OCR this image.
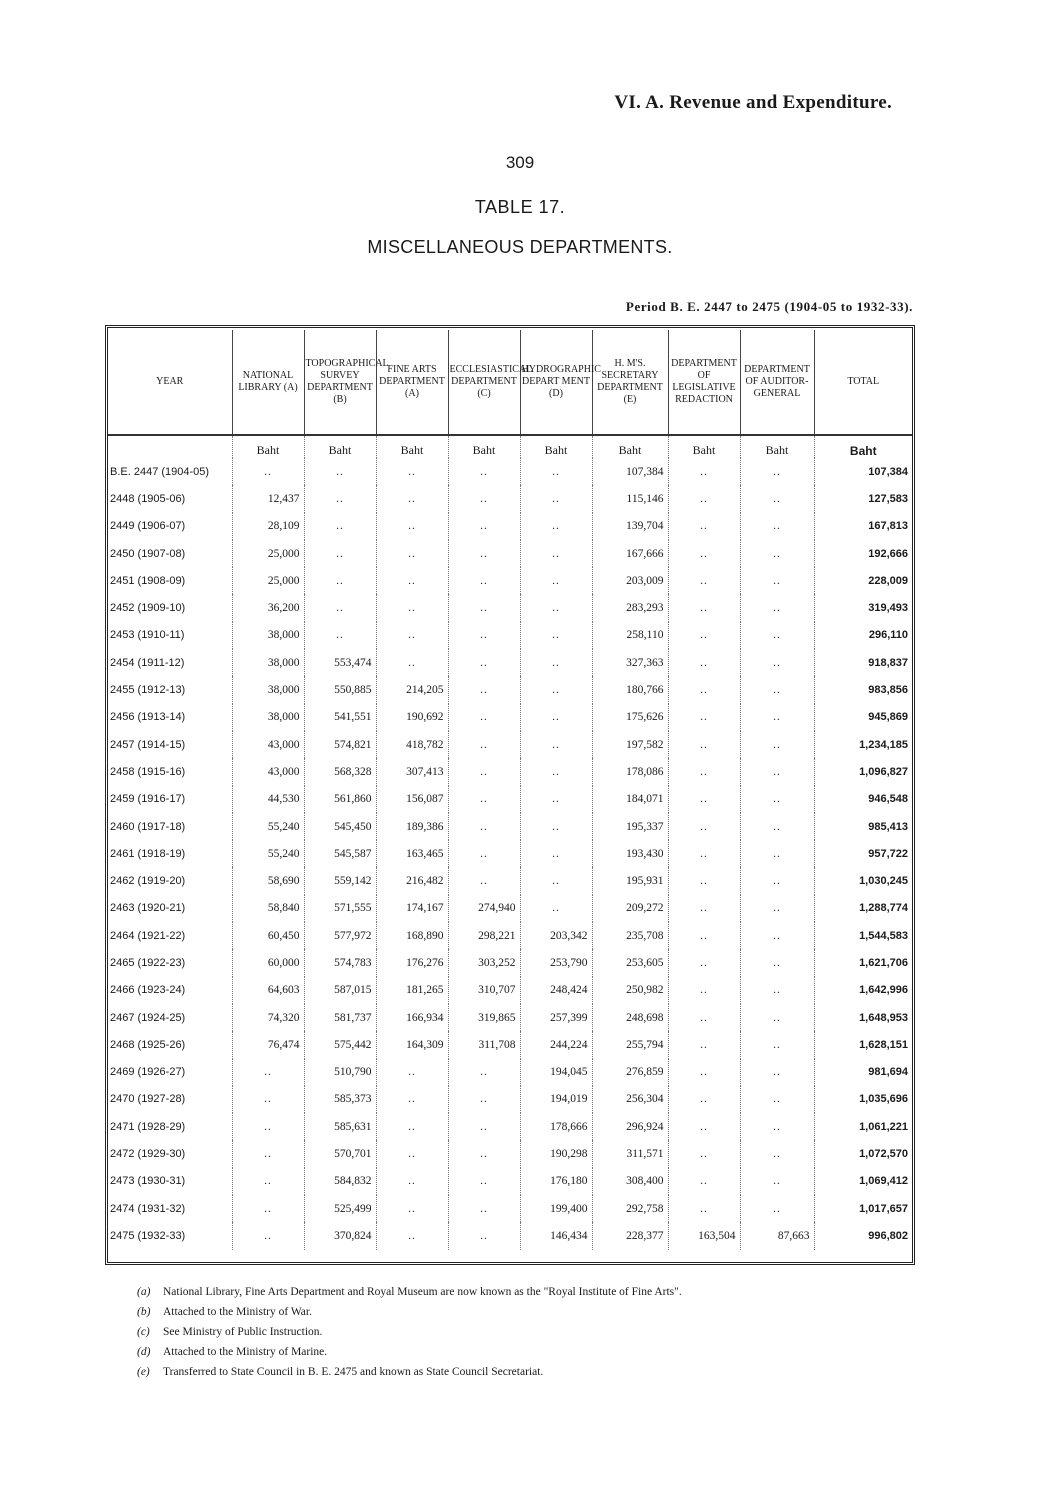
VI. A. Revenue and Expenditure.
309
TABLE 17.
MISCELLANEOUS DEPARTMENTS.
Period B. E. 2447 to 2475 (1904-05 to 1932-33).
YEAR	NATIONAL LIBRARY (A)	TOPOGRAPHICAL SURVEY DEPARTMENT (B)	FINE ARTS DEPARTMENT (A)	ECCLESIASTICAL DEPARTMENT (C)	HYDROGRAPHIC DEPART MENT (D)	H. M'S. SECRETARY DEPARTMENT (E)	DEPARTMENT OF LEGISLATIVE REDACTION	DEPARTMENT OF AUDITOR-GENERAL	TOTAL
	Baht	Baht	Baht	Baht	Baht	Baht	Baht	Baht	Baht
B.E. 2447 (1904-05)	..	..	..	..	..	107,384	..	..	107,384
2448 (1905-06)	12,437	..	..	..	..	115,146	..	..	127,583
2449 (1906-07)	28,109	..	..	..	..	139,704	..	..	167,813
2450 (1907-08)	25,000	..	..	..	..	167,666	..	..	192,666
2451 (1908-09)	25,000	..	..	..	..	203,009	..	..	228,009
2452 (1909-10)	36,200	..	..	..	..	283,293	..	..	319,493
2453 (1910-11)	38,000	..	..	..	..	258,110	..	..	296,110
2454 (1911-12)	38,000	553,474	..	..	..	327,363	..	..	918,837
2455 (1912-13)	38,000	550,885	214,205	..	..	180,766	..	..	983,856
2456 (1913-14)	38,000	541,551	190,692	..	..	175,626	..	..	945,869
2457 (1914-15)	43,000	574,821	418,782	..	..	197,582	..	..	1,234,185
2458 (1915-16)	43,000	568,328	307,413	..	..	178,086	..	..	1,096,827
2459 (1916-17)	44,530	561,860	156,087	..	..	184,071	..	..	946,548
2460 (1917-18)	55,240	545,450	189,386	..	..	195,337	..	..	985,413
2461 (1918-19)	55,240	545,587	163,465	..	..	193,430	..	..	957,722
2462 (1919-20)	58,690	559,142	216,482	..	..	195,931	..	..	1,030,245
2463 (1920-21)	58,840	571,555	174,167	274,940	..	209,272	..	..	1,288,774
2464 (1921-22)	60,450	577,972	168,890	298,221	203,342	235,708	..	..	1,544,583
2465 (1922-23)	60,000	574,783	176,276	303,252	253,790	253,605	..	..	1,621,706
2466 (1923-24)	64,603	587,015	181,265	310,707	248,424	250,982	..	..	1,642,996
2467 (1924-25)	74,320	581,737	166,934	319,865	257,399	248,698	..	..	1,648,953
2468 (1925-26)	76,474	575,442	164,309	311,708	244,224	255,794	..	..	1,628,151
2469 (1926-27)	..	510,790	..	..	194,045	276,859	..	..	981,694
2470 (1927-28)	..	585,373	..	..	194,019	256,304	..	..	1,035,696
2471 (1928-29)	..	585,631	..	..	178,666	296,924	..	..	1,061,221
2472 (1929-30)	..	570,701	..	..	190,298	311,571	..	..	1,072,570
2473 (1930-31)	..	584,832	..	..	176,180	308,400	..	..	1,069,412
2474 (1931-32)	..	525,499	..	..	199,400	292,758	..	..	1,017,657
2475 (1932-33)	..	370,824	..	..	146,434	228,377	163,504	87,663	996,802
(a) National Library, Fine Arts Department and Royal Museum are now known as the "Royal Institute of Fine Arts".
(b) Attached to the Ministry of War.
(c) See Ministry of Public Instruction.
(d) Attached to the Ministry of Marine.
(e) Transferred to State Council in B. E. 2475 and known as State Council Secretariat.
